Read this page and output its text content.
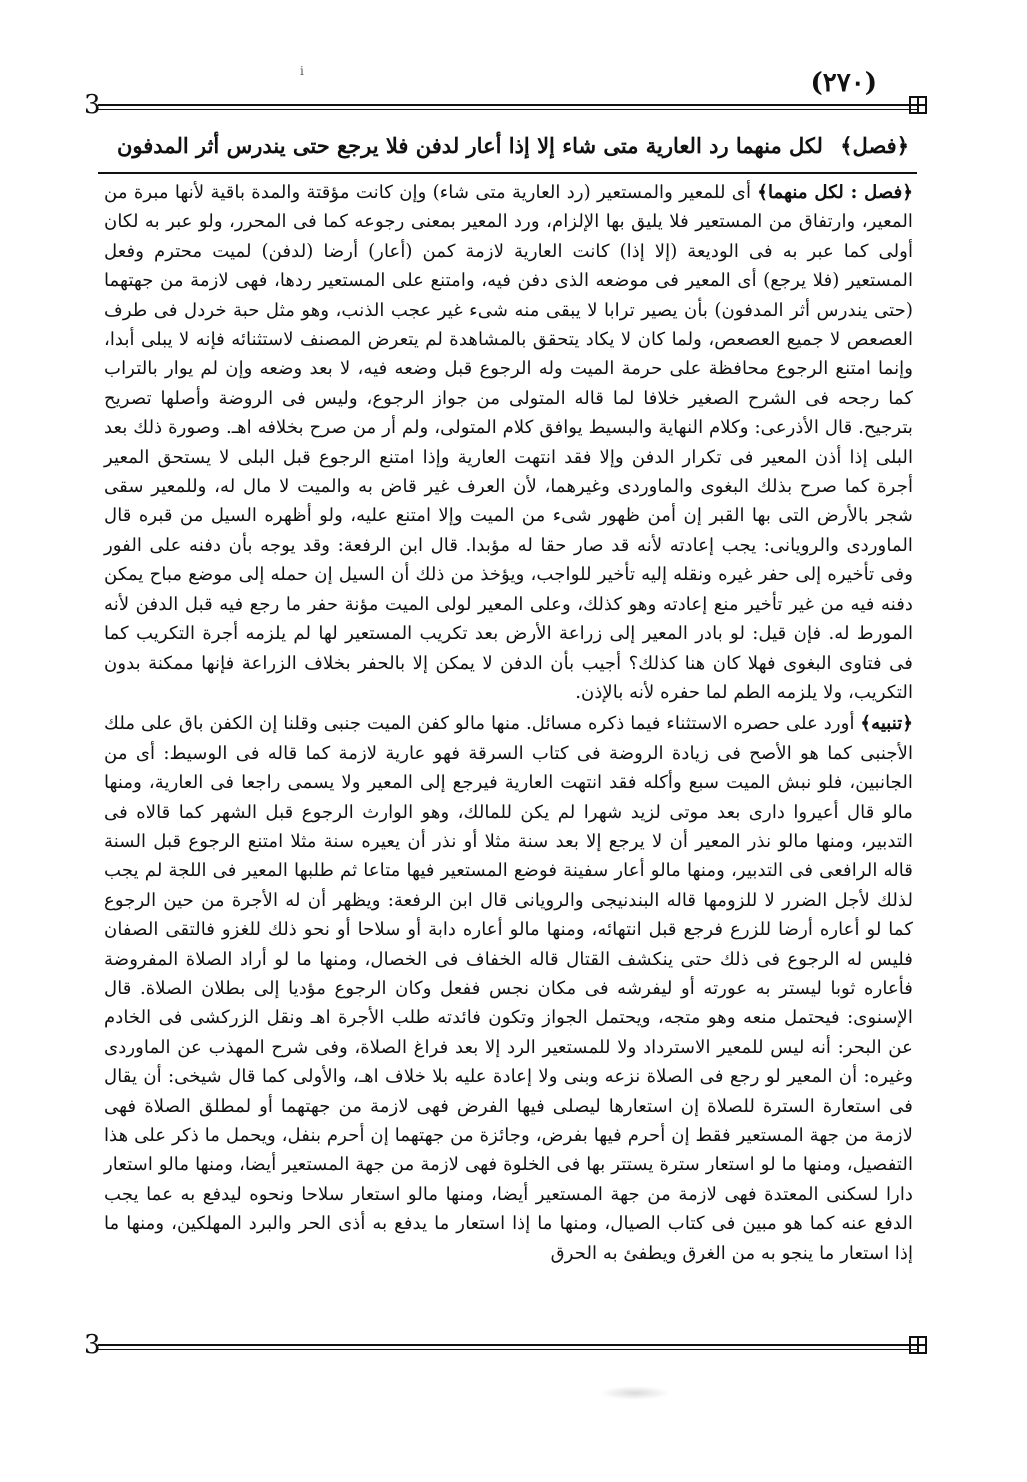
i	(٢٧٠)
3
﴿فصل﴾ لكل منهما رد العارية متى شاء إلا إذا أعار لدفن فلا يرجع حتى يندرس أثر المدفون

﴿فصل : لكل منهما﴾ أى للمعير والمستعير (رد العارية متى شاء) وإن كانت مؤقتة والمدة باقية لأنها مبرة من المعير، وارتفاق من المستعير فلا يليق بها الإلزام، ورد المعير بمعنى رجوعه كما فى المحرر، ولو عبر به لكان أولى كما عبر به فى الوديعة (إلا إذا) كانت العارية لازمة كمن (أعار) أرضا (لدفن) لميت محترم وفعل المستعير (فلا يرجع) أى المعير فى موضعه الذى دفن فيه، وامتنع على المستعير ردها، فهى لازمة من جهتهما (حتى يندرس أثر المدفون) بأن يصير ترابا لا يبقى منه شىء غير عجب الذنب، وهو مثل حبة خردل فى طرف العصعص لا جميع العصعص، ولما كان لا يكاد يتحقق بالمشاهدة لم يتعرض المصنف لاستثنائه فإنه لا يبلى أبدا، وإنما امتنع الرجوع محافظة على حرمة الميت وله الرجوع قبل وضعه فيه، لا بعد وضعه وإن لم يوار بالتراب كما رجحه فى الشرح الصغير خلافا لما قاله المتولى من جواز الرجوع، وليس فى الروضة وأصلها تصريح بترجيح. قال الأذرعى: وكلام النهاية والبسيط يوافق كلام المتولى، ولم أر من صرح بخلافه اهـ. وصورة ذلك بعد البلى إذا أذن المعير فى تكرار الدفن وإلا فقد انتهت العارية وإذا امتنع الرجوع قبل البلى لا يستحق المعير أجرة كما صرح بذلك البغوى والماوردى وغيرهما، لأن العرف غير قاض به والميت لا مال له، وللمعير سقى شجر بالأرض التى بها القبر إن أمن ظهور شىء من الميت وإلا امتنع عليه، ولو أظهره السيل من قبره قال الماوردى والرويانى: يجب إعادته لأنه قد صار حقا له مؤبدا. قال ابن الرفعة: وقد يوجه بأن دفنه على الفور وفى تأخيره إلى حفر غيره ونقله إليه تأخير للواجب، ويؤخذ من ذلك أن السيل إن حمله إلى موضع مباح يمكن دفنه فيه من غير تأخير منع إعادته وهو كذلك، وعلى المعير لولى الميت مؤنة حفر ما رجع فيه قبل الدفن لأنه المورط له. فإن قيل: لو بادر المعير إلى زراعة الأرض بعد تكريب المستعير لها لم يلزمه أجرة التكريب كما فى فتاوى البغوى فهلا كان هنا كذلك؟ أجيب بأن الدفن لا يمكن إلا بالحفر بخلاف الزراعة فإنها ممكنة بدون التكريب، ولا يلزمه الطم لما حفره لأنه بالإذن.

﴿تنبيه﴾ أورد على حصره الاستثناء فيما ذكره مسائل. منها مالو كفن الميت جنبى وقلنا إن الكفن باق على ملك الأجنبى كما هو الأصح فى زيادة الروضة فى كتاب السرقة فهو عارية لازمة كما قاله فى الوسيط: أى من الجانبين، فلو نبش الميت سبع وأكله فقد انتهت العارية فيرجع إلى المعير ولا يسمى راجعا فى العارية، ومنها مالو قال أعيروا دارى بعد موتى لزيد شهرا لم يكن للمالك، وهو الوارث الرجوع قبل الشهر كما قالاه فى التدبير، ومنها مالو نذر المعير أن لا يرجع إلا بعد سنة مثلا أو نذر أن يعيره سنة مثلا امتنع الرجوع قبل السنة قاله الرافعى فى التدبير، ومنها مالو أعار سفينة فوضع المستعير فيها متاعا ثم طلبها المعير فى اللجة لم يجب لذلك لأجل الضرر لا للزومها قاله البندنيجى والرويانى قال ابن الرفعة: ويظهر أن له الأجرة من حين الرجوع كما لو أعاره أرضا للزرع فرجع قبل انتهائه، ومنها مالو أعاره دابة أو سلاحا أو نحو ذلك للغزو فالتقى الصفان فليس له الرجوع فى ذلك حتى ينكشف القتال قاله الخفاف فى الخصال، ومنها ما لو أراد الصلاة المفروضة فأعاره ثوبا ليستر به عورته أو ليفرشه فى مكان نجس ففعل وكان الرجوع مؤديا إلى بطلان الصلاة. قال الإسنوى: فيحتمل منعه وهو متجه، ويحتمل الجواز وتكون فائدته طلب الأجرة اهـ ونقل الزركشى فى الخادم عن البحر: أنه ليس للمعير الاسترداد ولا للمستعير الرد إلا بعد فراغ الصلاة، وفى شرح المهذب عن الماوردى وغيره: أن المعير لو رجع فى الصلاة نزعه وبنى ولا إعادة عليه بلا خلاف اهـ، والأولى كما قال شيخى: أن يقال فى استعارة السترة للصلاة إن استعارها ليصلى فيها الفرض فهى لازمة من جهتهما أو لمطلق الصلاة فهى لازمة من جهة المستعير فقط إن أحرم فيها بفرض، وجائزة من جهتهما إن أحرم بنفل، ويحمل ما ذكر على هذا التفصيل، ومنها ما لو استعار سترة يستتر بها فى الخلوة فهى لازمة من جهة المستعير أيضا، ومنها مالو استعار دارا لسكنى المعتدة فهى لازمة من جهة المستعير أيضا، ومنها مالو استعار سلاحا ونحوه ليدفع به عما يجب الدفع عنه كما هو مبين فى كتاب الصيال، ومنها ما إذا استعار ما يدفع به أذى الحر والبرد المهلكين، ومنها ما إذا استعار ما ينجو به من الغرق ويطفئ به الحرق

3
